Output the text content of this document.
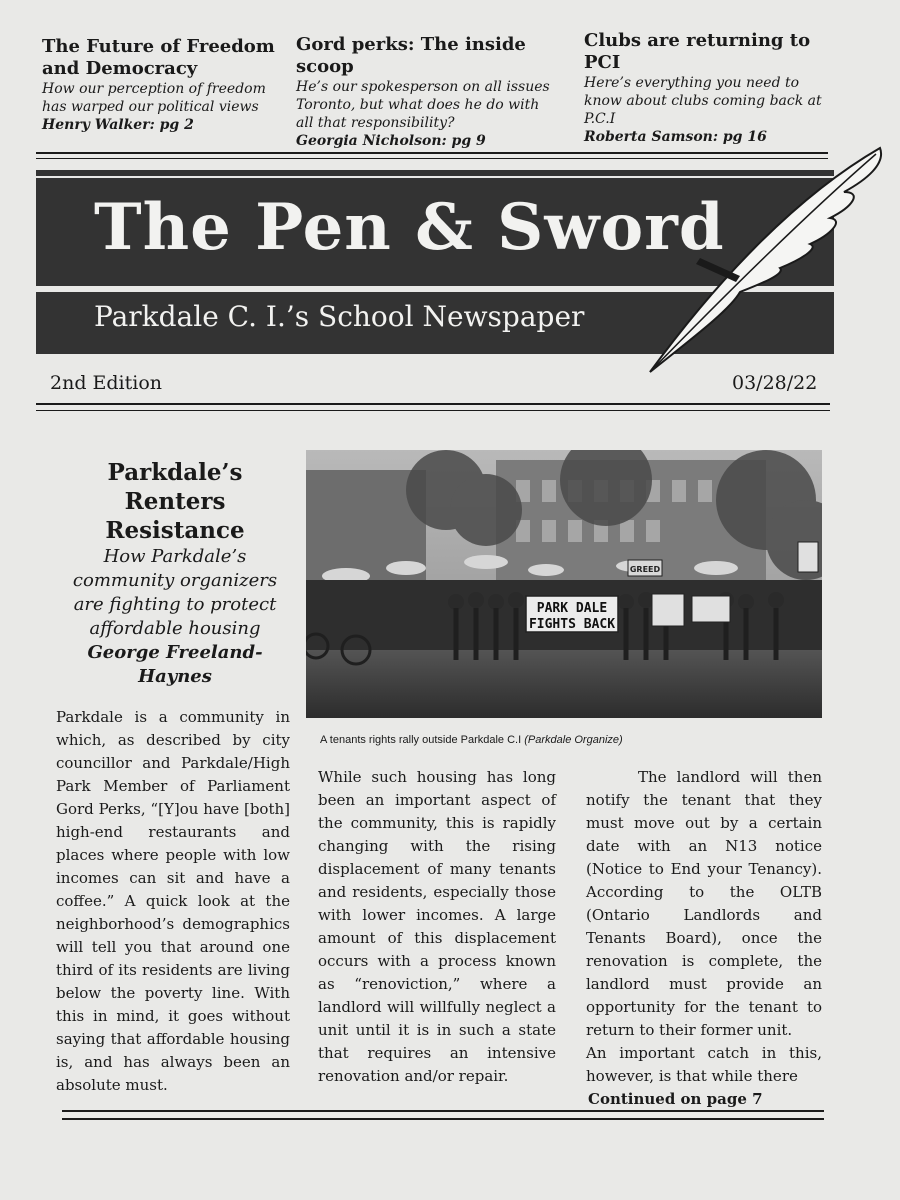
The Future of Freedom and Democracy

How our perception of freedom has warped our political views
Henry Walker: pg 2

Gord perks: The inside scoop

He’s our spokesperson on all issues Toronto, but what does he do with all that responsibility?
Georgia Nicholson: pg 9

Clubs are returning to PCI

Here’s everything you need to know about clubs coming back at P.C.I
Roberta Samson: pg 16
The Pen & Sword
Parkdale C. I.’s School Newspaper
2nd Edition	03/28/22
Parkdale’s Renters Resistance
How Parkdale’s community organizers are fighting to protect affordable housing
George Freeland-Haynes
PARK DALE
FIGHTS BACK
GREED
A tenants rights rally outside Parkdale C.I (Parkdale Organize)
Parkdale is a community in which, as described by city councillor and Parkdale/High Park Member of Parliament Gord Perks, “[Y]ou have [both] high-end restaurants and places where people with low incomes can sit and have a coffee.” A quick look at the neighborhood’s demographics will tell you that around one third of its residents are living below the poverty line. With this in mind, it goes without saying that affordable housing is, and has always been an absolute must.
While such housing has long been an important aspect of the community, this is rapidly changing with the rising displacement of many tenants and residents, especially those with lower incomes. A large amount of this displacement occurs with a process known as “renoviction,” where a landlord will willfully neglect a unit until it is in such a state that requires an intensive renovation and/or repair.
The landlord will then notify the tenant that they must move out by a certain date with an N13 notice (Notice to End your Tenancy). According to the OLTB (Ontario Landlords and Tenants Board), once the renovation is complete, the landlord must provide an opportunity for the tenant to return to their former unit.
An important catch in this, however, is that while there
Continued on page 7
